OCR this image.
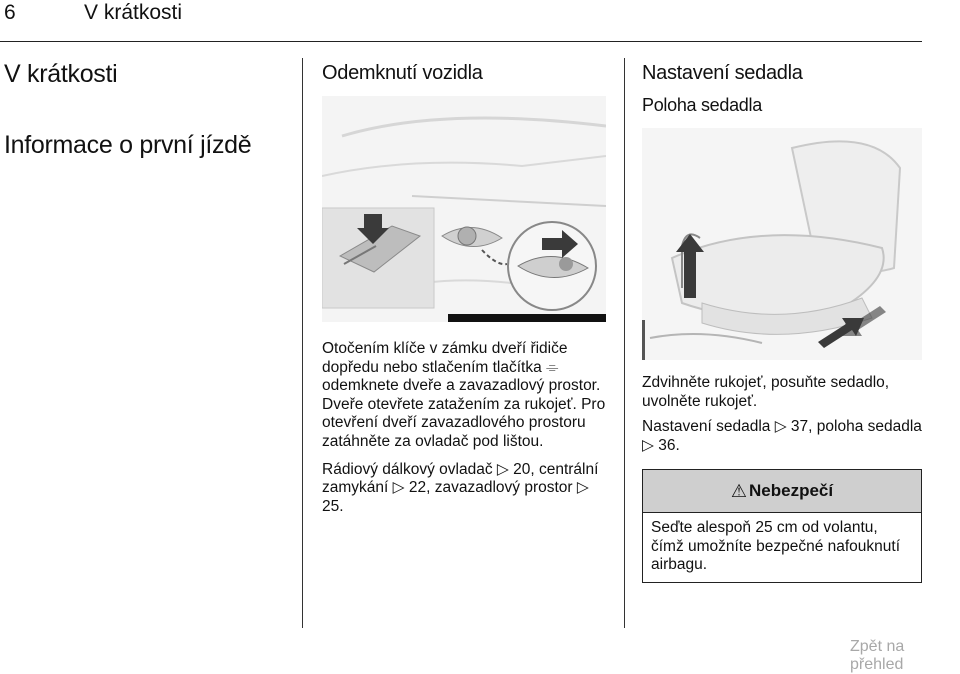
6	V krátkosti
V krátkosti
Informace o první jízdě
Odemknutí vozidla	Nastavení sedadla
Poloha sedadla

Otočením klíče v zámku dveří řidiče dopředu nebo stlačením tlačítka ⌯ odemknete dveře a zavazadlový prostor. Dveře otevřete zatažením za rukojeť. Pro otevření dveří zavazadlového prostoru zatáhněte za ovladač pod lištou.

Rádiový dálkový ovladač ▷ 20, centrální zamykání ▷ 22, zavazadlový prostor ▷ 25.

Zdvihněte rukojeť, posuňte sedadlo, uvolněte rukojeť.

Nastavení sedadla ▷ 37, poloha sedadla ▷ 36.

⚠ Nebezpečí
Seďte alespoň 25 cm od volantu, čímž umožníte bezpečné nafouknutí airbagu.
Zpět na přehled
